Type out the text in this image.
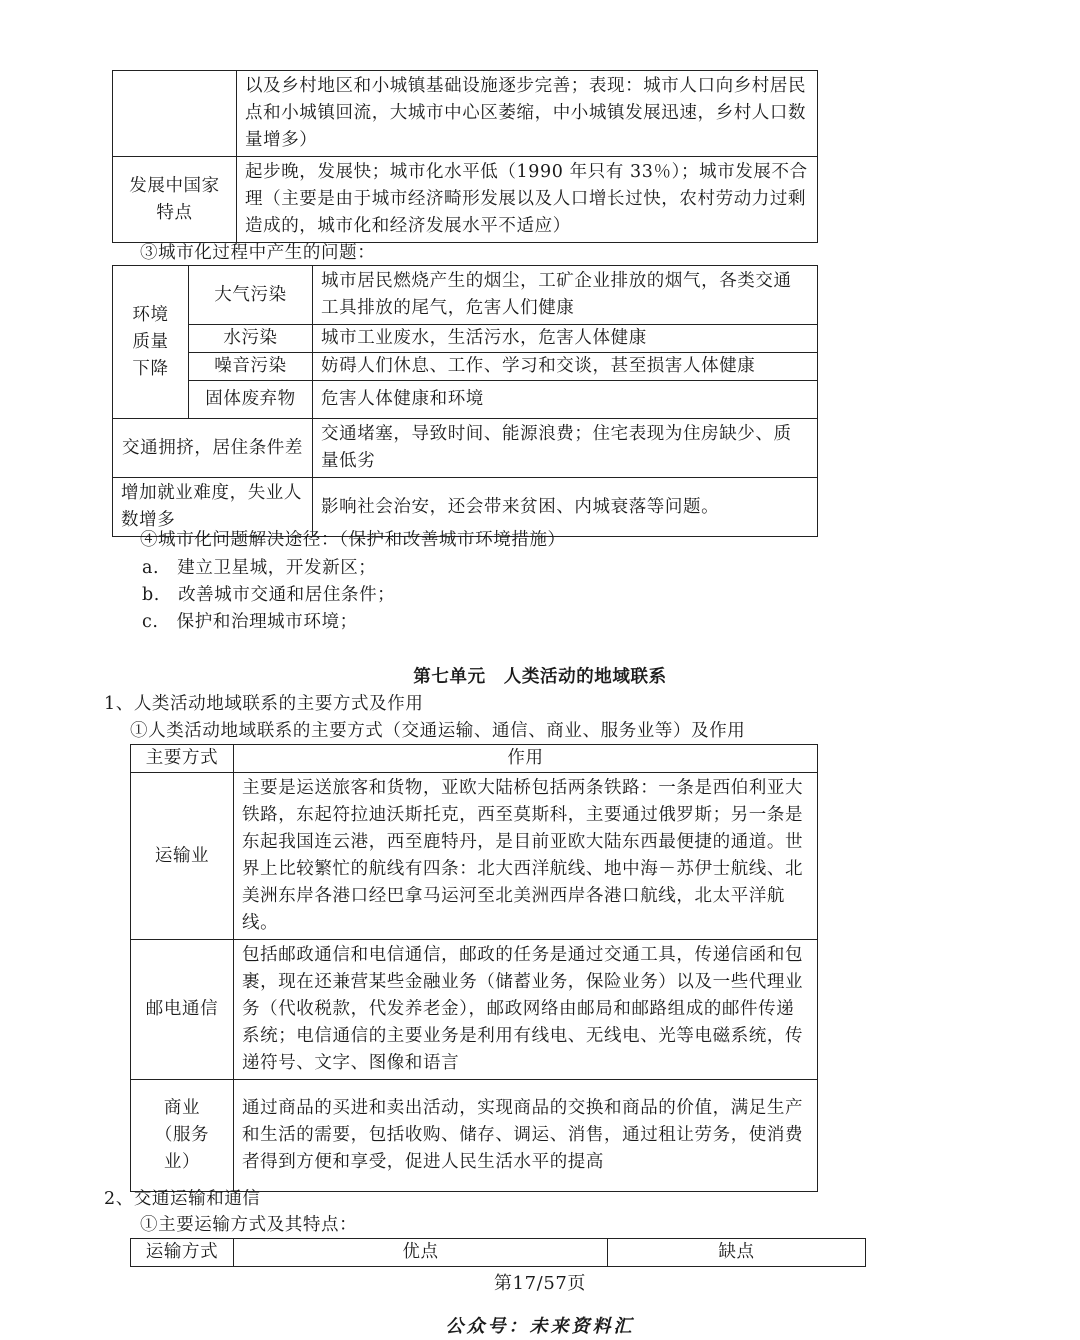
	以及乡村地区和小城镇基础设施逐步完善；表现：城市人口向乡村居民点和小城镇回流，大城市中心区萎缩，中小城镇发展迅速，乡村人口数量增多）

发展中国家特点	起步晚，发展快；城市化水平低（1990 年只有 33％）；城市发展不合理（主要是由于城市经济畸形发展以及人口增长过快，农村劳动力过剩造成的，城市化和经济发展水平不适应）
③城市化过程中产生的问题：
环境质量下降	大气污染	城市居民燃烧产生的烟尘，工矿企业排放的烟气，各类交通工具排放的尾气，危害人们健康

	水污染	城市工业废水，生活污水，危害人体健康

	噪音污染	妨碍人们休息、工作、学习和交谈，甚至损害人体健康

	固体废弃物	危害人体健康和环境

交通拥挤，居住条件差		交通堵塞，导致时间、能源浪费；住宅表现为住房缺少、质量低劣

增加就业难度，失业人数增多		影响社会治安，还会带来贫困、内城衰落等问题。
④城市化问题解决途径：（保护和改善城市环境措施）
a.　建立卫星城，开发新区；
b.　改善城市交通和居住条件；
c.　保护和治理城市环境；
第七单元　人类活动的地域联系
1、人类活动地域联系的主要方式及作用
①人类活动地域联系的主要方式（交通运输、通信、商业、服务业等）及作用
主要方式	作用

运输业	主要是运送旅客和货物，亚欧大陆桥包括两条铁路：一条是西伯利亚大铁路，东起符拉迪沃斯托克，西至莫斯科，主要通过俄罗斯；另一条是东起我国连云港，西至鹿特丹，是目前亚欧大陆东西最便捷的通道。世界上比较繁忙的航线有四条：北大西洋航线、地中海－苏伊士航线、北美洲东岸各港口经巴拿马运河至北美洲西岸各港口航线，北太平洋航线。

邮电通信	包括邮政通信和电信通信，邮政的任务是通过交通工具，传递信函和包裹，现在还兼营某些金融业务（储蓄业务，保险业务）以及一些代理业务（代收税款，代发养老金），邮政网络由邮局和邮路组成的邮件传递系统；电信通信的主要业务是利用有线电、无线电、光等电磁系统，传递符号、文字、图像和语言

商业（服务业）	通过商品的买进和卖出活动，实现商品的交换和商品的价值，满足生产和生活的需要，包括收购、储存、调运、消售，通过租让劳务，使消费者得到方便和享受，促进人民生活水平的提高
2、交通运输和通信
①主要运输方式及其特点：
运输方式	优点	缺点
第17/57页
公众号：未来资料汇
